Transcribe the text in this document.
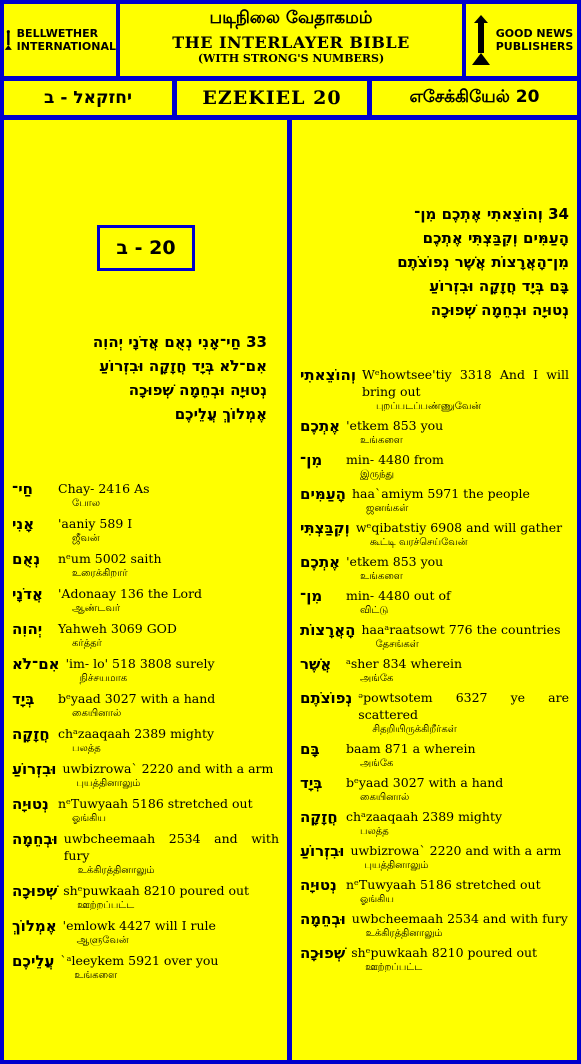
BELLWETHER
INTERNATIONAL
படிநிலை வேதாகமம்
THE INTERLAYER BIBLE
(WITH STRONG'S NUMBERS)
GOOD NEWS
PUBLISHERS
יחזקאל - ב	EZEKIEL 20	எசேக்கியேல் 20
20 - ב
33 חַי־אָנִי נְאֻם אֲדֹנָי יְהוִה
אִם־לֹא בְּיָד חֲזָקָה וּבִזְרוֹעַ
נְטוּיָה וּבְחֵמָה שְׁפוּכָה
אֶמְלוֹךְ עֲלֵיכֶם
חַי־	Chay- 2416 As
போல
אָנִי	'aaniy 589 I
ஜீவன்
נְאֻם	nᵉum 5002 saith
உரைக்கிறார்
אֲדֹנָי	'Adonaay 136 the Lord
ஆண்டவர்
יְהוִה	Yahweh 3069 GOD
கர்த்தர்
אִם־לֹא 'im- lo' 518 3808 surely
நிச்சயமாக
בְּיָד	bᵉyaad 3027 with a hand
கையினால்
חֲזָקָה chᵃzaaqaah 2389 mighty
பலத்த
וּבִזְרוֹעַ uwbizrowa` 2220 and with a arm
புயத்தினாலும்
נְטוּיָה nᵉTuwyaah 5186 stretched out
ஓங்கிய
וּבְחֵמָה uwbcheemaah 2534 and with fury
உக்கிரத்தினாலும்
שְׁפוּכָה shᵉpuwkaah 8210 poured out
ஊற்றப்பட்ட
אֶמְלוֹךְ 'emlowk 4427 will I rule
ஆளுவேன்
עֲלֵיכֶם `ᵃleeykem 5921 over you
உங்களை
34 וְהוֹצֵאתִי אֶתְכֶם מִן־
הָעַמִּים וְקִבַּצְתִּי אֶתְכֶם
מִן־הָאֲרָצוֹת אֲשֶׁר נְפוֹצֹתֶם
בָּם בְּיָד חֲזָקָה וּבִזְרוֹעַ
נְטוּיָה וּבְחֵמָה שְׁפוּכָה
וְהוֹצֵאתִי Wᵉhowtsee'tiy 3318 And I will bring out
புறப்படப்பண்ணுவேன்
אֶתְכֶם 'etkem 853 you
உங்களை
מִן־	min- 4480 from
இருந்து
הָעַמִּים haa`amiym 5971 the people
ஜனங்கள்
וְקִבַּצְתִּי wᵉqibatstiy 6908 and will gather
கூட்டி வரச்செய்வேன்
אֶתְכֶם 'etkem 853 you
உங்களை
מִן־	min- 4480 out of
விட்டு
הָאֲרָצוֹת haaᵃraatsowt 776 the countries
தேசங்கள்
אֲשֶׁר	ᵃsher 834 wherein
அங்கே
נְפוֹצֹתֶם ᵊpowtsotem 6327 ye are scattered
சிதறியிருக்கிறீர்கள்
בָּם	baam 871 a wherein
அங்கே
בְּיָד	bᵉyaad 3027 with a hand
கையினால்
חֲזָקָה chᵃzaaqaah 2389 mighty
பலத்த
וּבִזְרוֹעַ uwbizrowa` 2220 and with a arm
புயத்தினாலும்
נְטוּיָה nᵉTuwyaah 5186 stretched out
ஓங்கிய
וּבְחֵמָה uwbcheemaah 2534 and with fury
உக்கிரத்தினாலும்
שְׁפוּכָה shᵉpuwkaah 8210 poured out
ஊற்றப்பட்ட
